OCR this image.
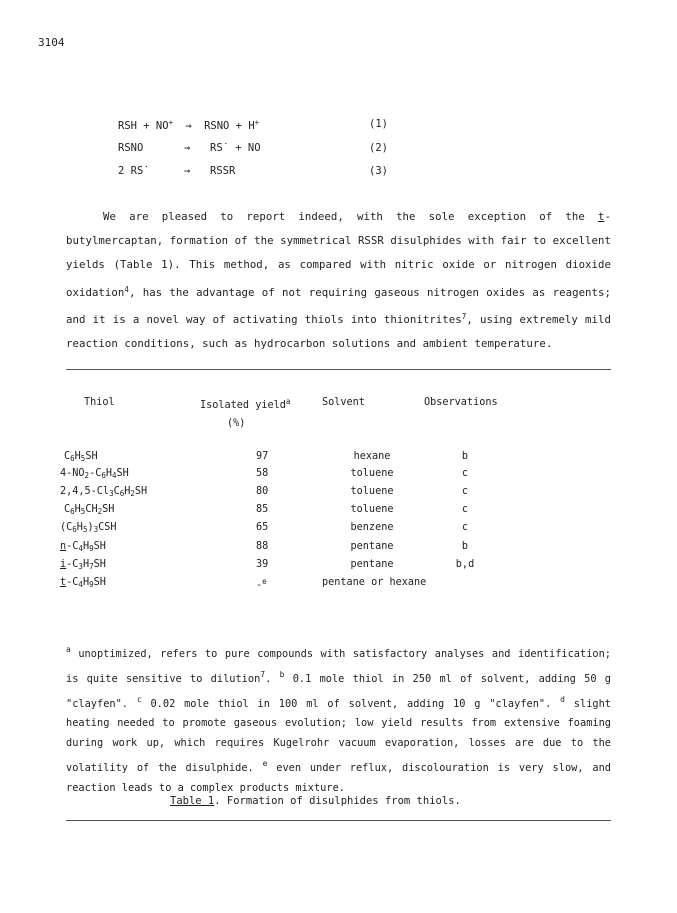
3104
RSH + NO+ → RSNO + H+	(1)
RSNO	→ RS˙ + NO	(2)
2 RS˙	→ RSSR	(3)
We are pleased to report indeed, with the sole exception of the t-butylmercaptan, formation of the symmetrical RSSR disulphides with fair to excellent yields (Table 1). This method, as compared with nitric oxide or nitrogen dioxide oxidation$^4$, has the advantage of not requiring gaseous nitrogen oxides as reagents; and it is a novel way of activating thiols into thionitrites$^7$, using extremely mild reaction conditions, such as hydrocarbon solutions and ambient temperature.
Thiol	Isolated yield$^a$
(%)
Solvent	Observations
$C_6H_5SH$	97	hexane	b
$4-NO_2-C_6H_4SH$	58	toluene	c
$2,4,5-Cl_3C_6H_2SH$	80	toluene	c
$C_6H_5CH_2SH$	85	toluene	c
$(C_6H_5)_3CSH$	65	benzene	c
$n-C_4H_9SH$	88	pentane	b
$i-C_3H_7SH$	39	pentane	b,d
$t-C_4H_9SH$	-$^e$	pentane or hexane
$^a$ unoptimized, refers to pure compounds with satisfactory analyses and identification; is quite sensitive to dilution$^7$. $^b$ 0.1 mole thiol in 250 ml of solvent, adding 50 g "clayfen". $^c$ 0.02 mole thiol in 100 ml of solvent, adding 10 g "clayfen". $^d$ slight heating needed to promote gaseous evolution; low yield results from extensive foaming during work up, which requires Kugelrohr vacuum evaporation, losses are due to the volatility of the disulphide. $^e$ even under reflux, discolouration is very slow, and reaction leads to a complex products mixture.
Table 1. Formation of disulphides from thiols.
